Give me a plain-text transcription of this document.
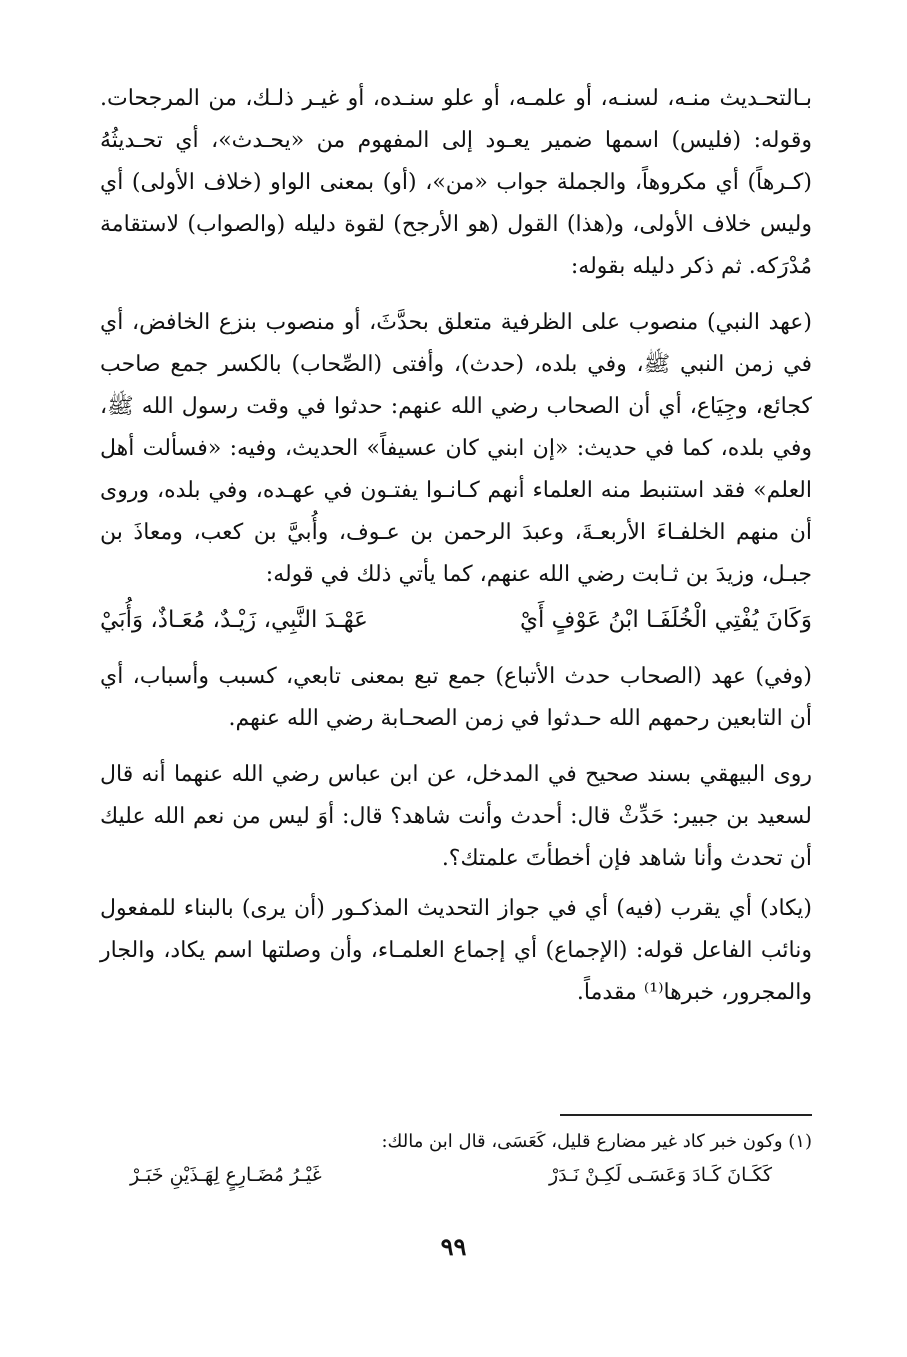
بـالتحـديث منـه، لسنـه، أو علمـه، أو علو سنـده، أو غيـر ذلـك، من المرجحات. وقوله: (فليس) اسمها ضمير يعـود إلى المفهوم من «يحـدث»، أي تحـديثُهُ (كـرهاً) أي مكروهاً، والجملة جواب «من»، (أو) بمعنى الواو (خلاف الأولى) أي وليس خلاف الأولى، و(هذا) القول (هو الأرجح) لقوة دليله (والصواب) لاستقامة مُدْرَكه. ثم ذكر دليله بقوله:

(عهد النبي) منصوب على الظرفية متعلق بحدَّثَ، أو منصوب بنزع الخافض، أي في زمن النبي ﷺ، وفي بلده، (حدث)، وأفتى (الصِّحاب) بالكسر جمع صاحب كجائع، وجِيَاع، أي أن الصحاب رضي الله عنهم: حدثوا في وقت رسول الله ﷺ، وفي بلده، كما في حديث: «إن ابني كان عسيفاً» الحديث، وفيه: «فسألت أهل العلم» فقد استنبط منه العلماء أنهم كـانـوا يفتـون في عهـده، وفي بلده، وروى أن منهم الخلفـاءَ الأربعـةَ، وعبدَ الرحمن بن عـوف، وأُبيَّ بن كعب، ومعاذَ بن جبـل، وزيدَ بن ثـابت رضي الله عنهم، كما يأتي ذلك في قوله:

وَكَانَ يُفْتِي الْخُلَفَـا ابْنُ عَوْفٍ أَيْ
عَهْـدَ النَّبِي، زَيْـدٌ، مُعَـاذٌ، وَأُبَيْ

(وفي) عهد (الصحاب حدث الأتباع) جمع تبع بمعنى تابعي، كسبب وأسباب، أي أن التابعين رحمهم الله حـدثوا في زمن الصحـابة رضي الله عنهم.

روى البيهقي بسند صحيح في المدخل، عن ابن عباس رضي الله عنهما أنه قال لسعيد بن جبير: حَدِّثْ قال: أحدث وأنت شاهد؟ قال: أوَ ليس من نعم الله عليك أن تحدث وأنا شاهد فإن أخطأتَ علمتك؟.

(يكاد) أي يقرب (فيه) أي في جواز التحديث المذكـور (أن يرى) بالبناء للمفعول ونائب الفاعل قوله: (الإجماع) أي إجماع العلمـاء، وأن وصلتها اسم يكاد، والجار والمجرور، خبرها⁽¹⁾ مقدماً.

(١) وكون خبر كاد غير مضارع قليل، كَعَسَى، قال ابن مالك:

كَكَـانَ كَـادَ وَعَسَـى لَكِـنْ نَـدَرْ
غَيْـرُ مُضَـارِعٍ لِهَـذَيْنِ خَبَـرْ
٩٩
